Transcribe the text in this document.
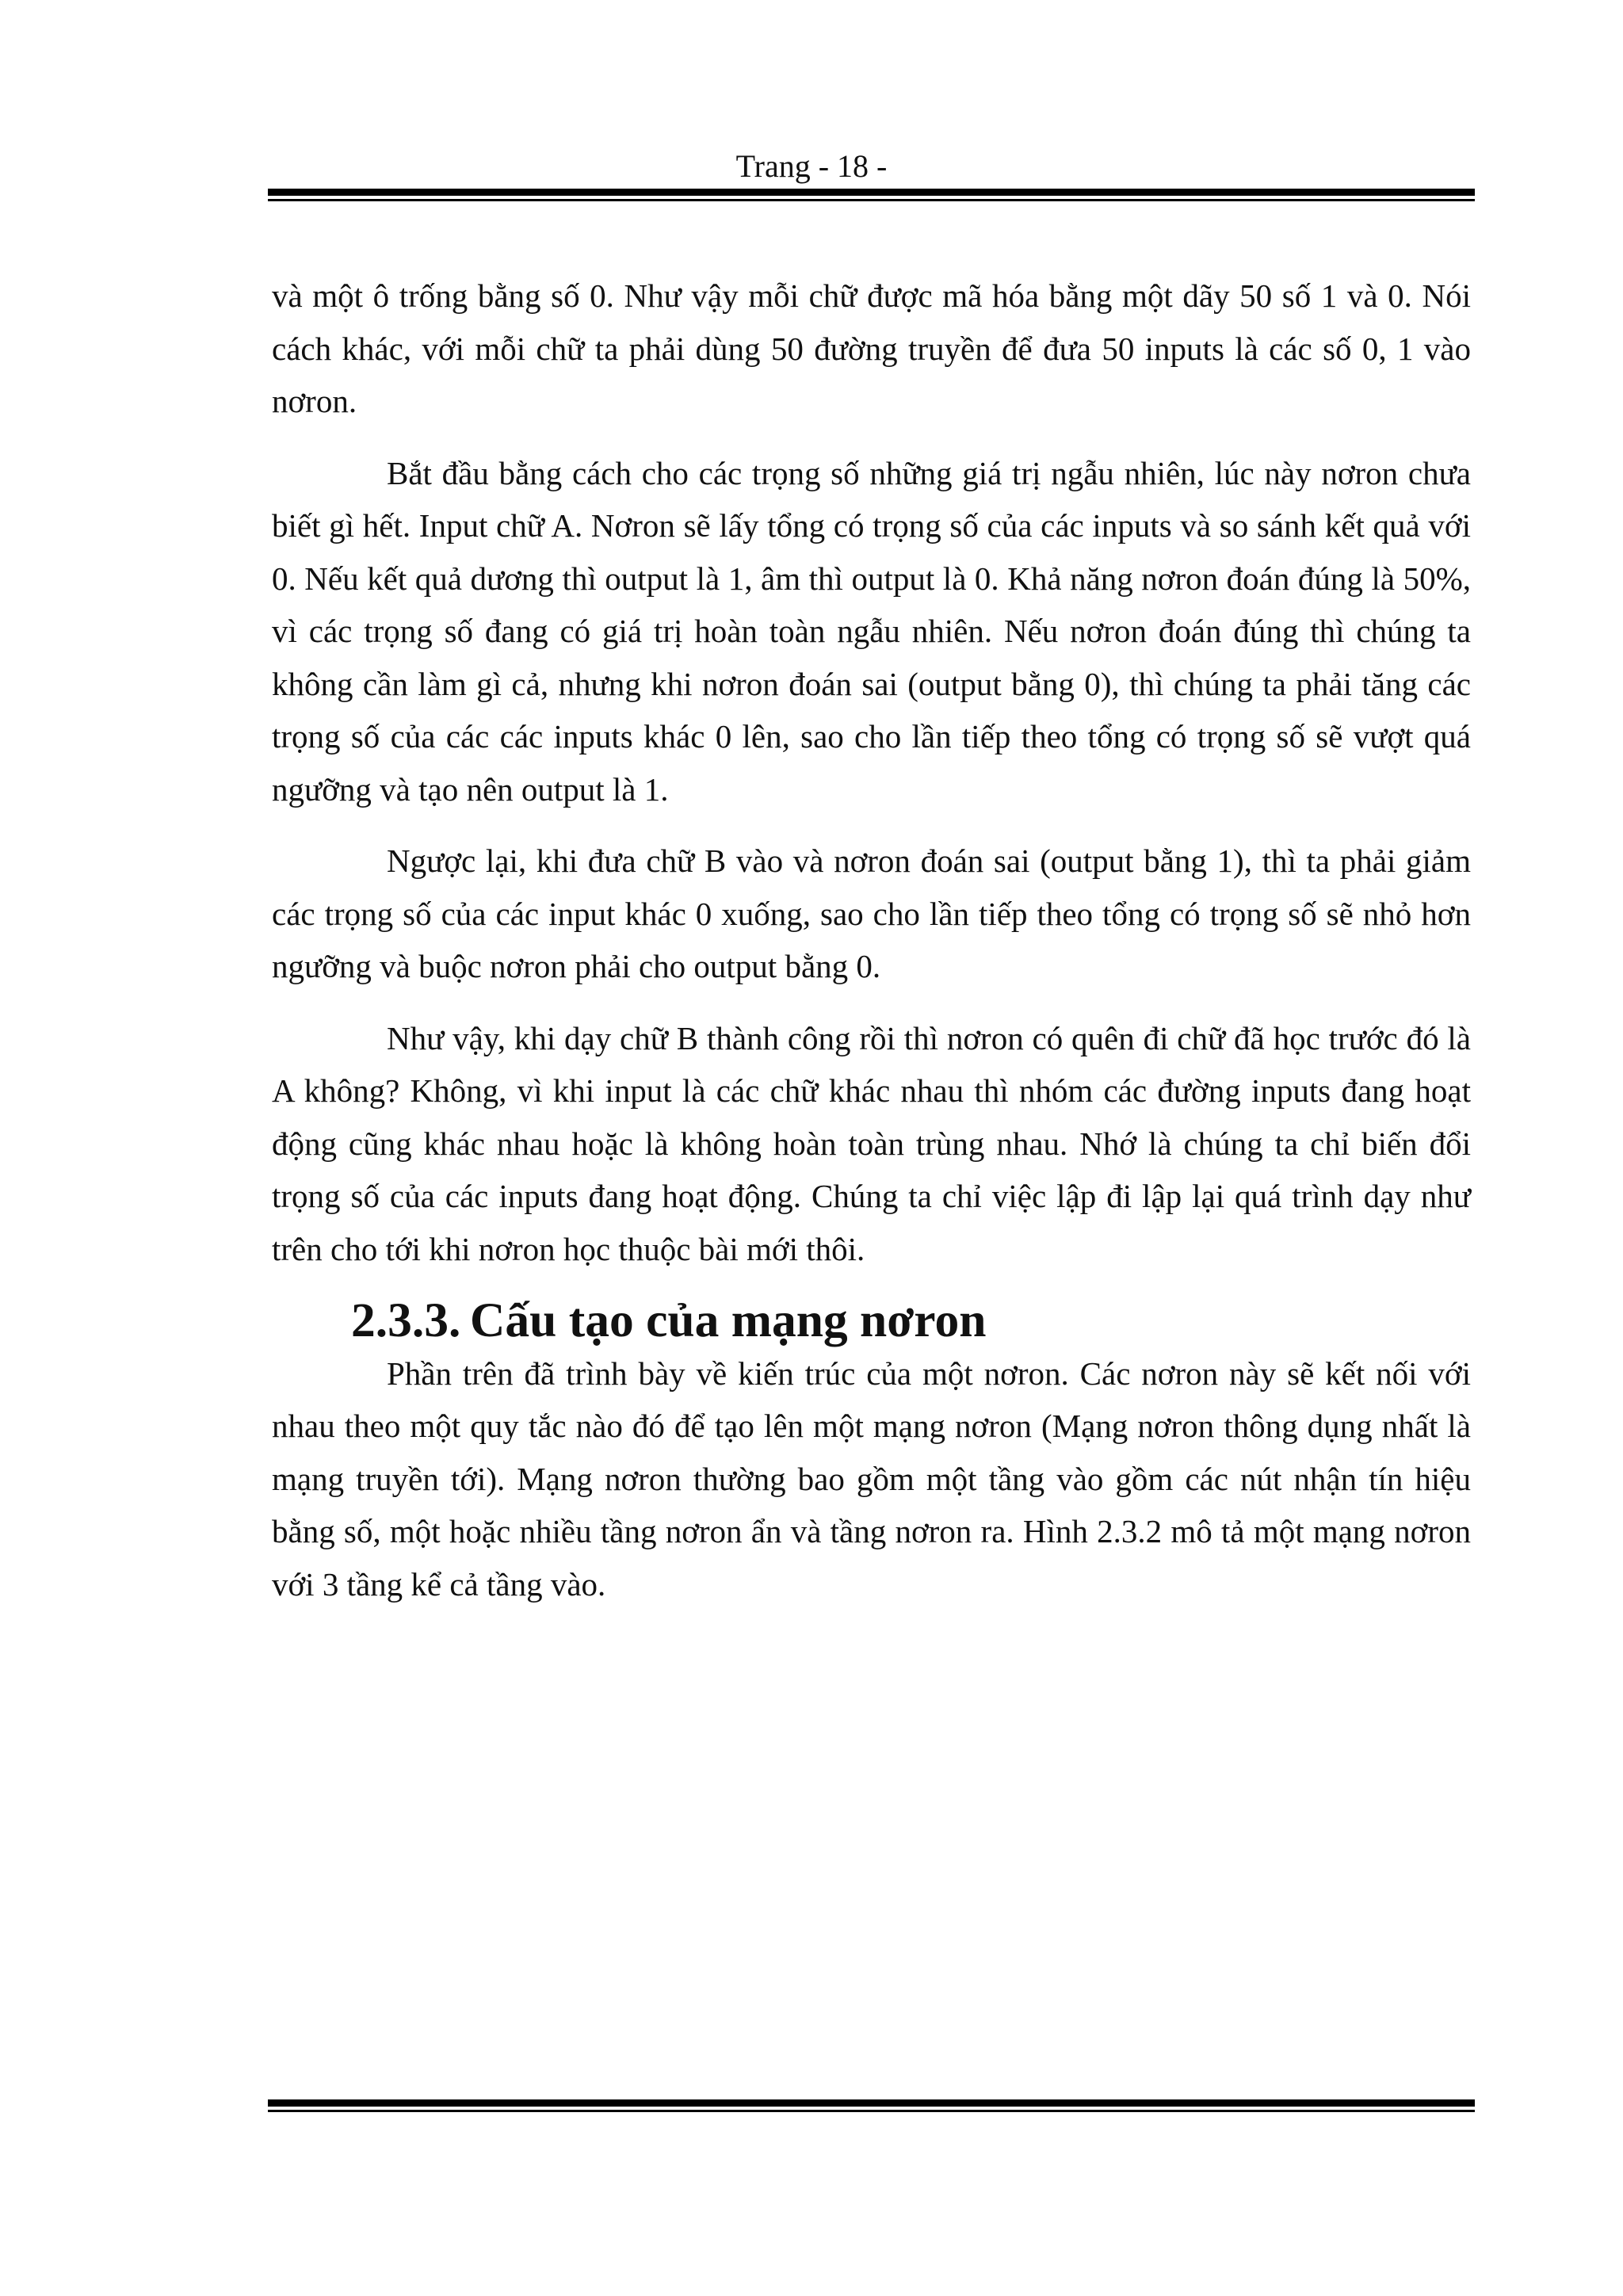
Trang - 18 -

và một ô trống bằng số 0. Như vậy mỗi chữ được mã hóa bằng một dãy 50 số 1 và 0. Nói cách khác, với mỗi chữ ta phải dùng 50 đường truyền để đưa 50 inputs là các số 0, 1 vào nơron.

Bắt đầu bằng cách cho các trọng số những giá trị ngẫu nhiên, lúc này nơron chưa biết gì hết. Input chữ A. Nơron sẽ lấy tổng có trọng số của các inputs và so sánh kết quả với 0. Nếu kết quả dương thì output là 1, âm thì output là 0. Khả năng nơron đoán đúng là 50%, vì các trọng số đang có giá trị hoàn toàn ngẫu nhiên. Nếu nơron đoán đúng thì chúng ta không cần làm gì cả, nhưng khi nơron đoán sai (output bằng 0), thì chúng ta phải tăng các trọng số của các các inputs khác 0 lên, sao cho lần tiếp theo tổng có trọng số sẽ vượt quá ngưỡng và tạo nên output là 1.

Ngược lại, khi đưa chữ B vào và nơron đoán sai (output bằng 1), thì ta phải giảm các trọng số của các input khác 0 xuống, sao cho lần tiếp theo tổng có trọng số sẽ nhỏ hơn ngưỡng và buộc nơron phải cho output bằng 0.

Như vậy, khi dạy chữ B thành công rồi thì nơron có quên đi chữ đã học trước đó là A không? Không, vì khi input là các chữ khác nhau thì nhóm các đường inputs đang hoạt động cũng khác nhau hoặc là không hoàn toàn trùng nhau. Nhớ là chúng ta chỉ biến đổi trọng số của các inputs đang hoạt động. Chúng ta chỉ việc lập đi lập lại quá trình dạy như trên cho tới khi nơron học thuộc bài mới thôi.

2.3.3. Cấu tạo của mạng nơron

Phần trên đã trình bày về kiến trúc của một nơron. Các nơron này sẽ kết nối với nhau theo một quy tắc nào đó để tạo lên một mạng nơron (Mạng nơron thông dụng nhất là mạng truyền tới). Mạng nơron thường bao gồm một tầng vào gồm các nút nhận tín hiệu bằng số, một hoặc nhiều tầng nơron ẩn và tầng nơron ra. Hình 2.3.2 mô tả một mạng nơron với 3 tầng kể cả tầng vào.
